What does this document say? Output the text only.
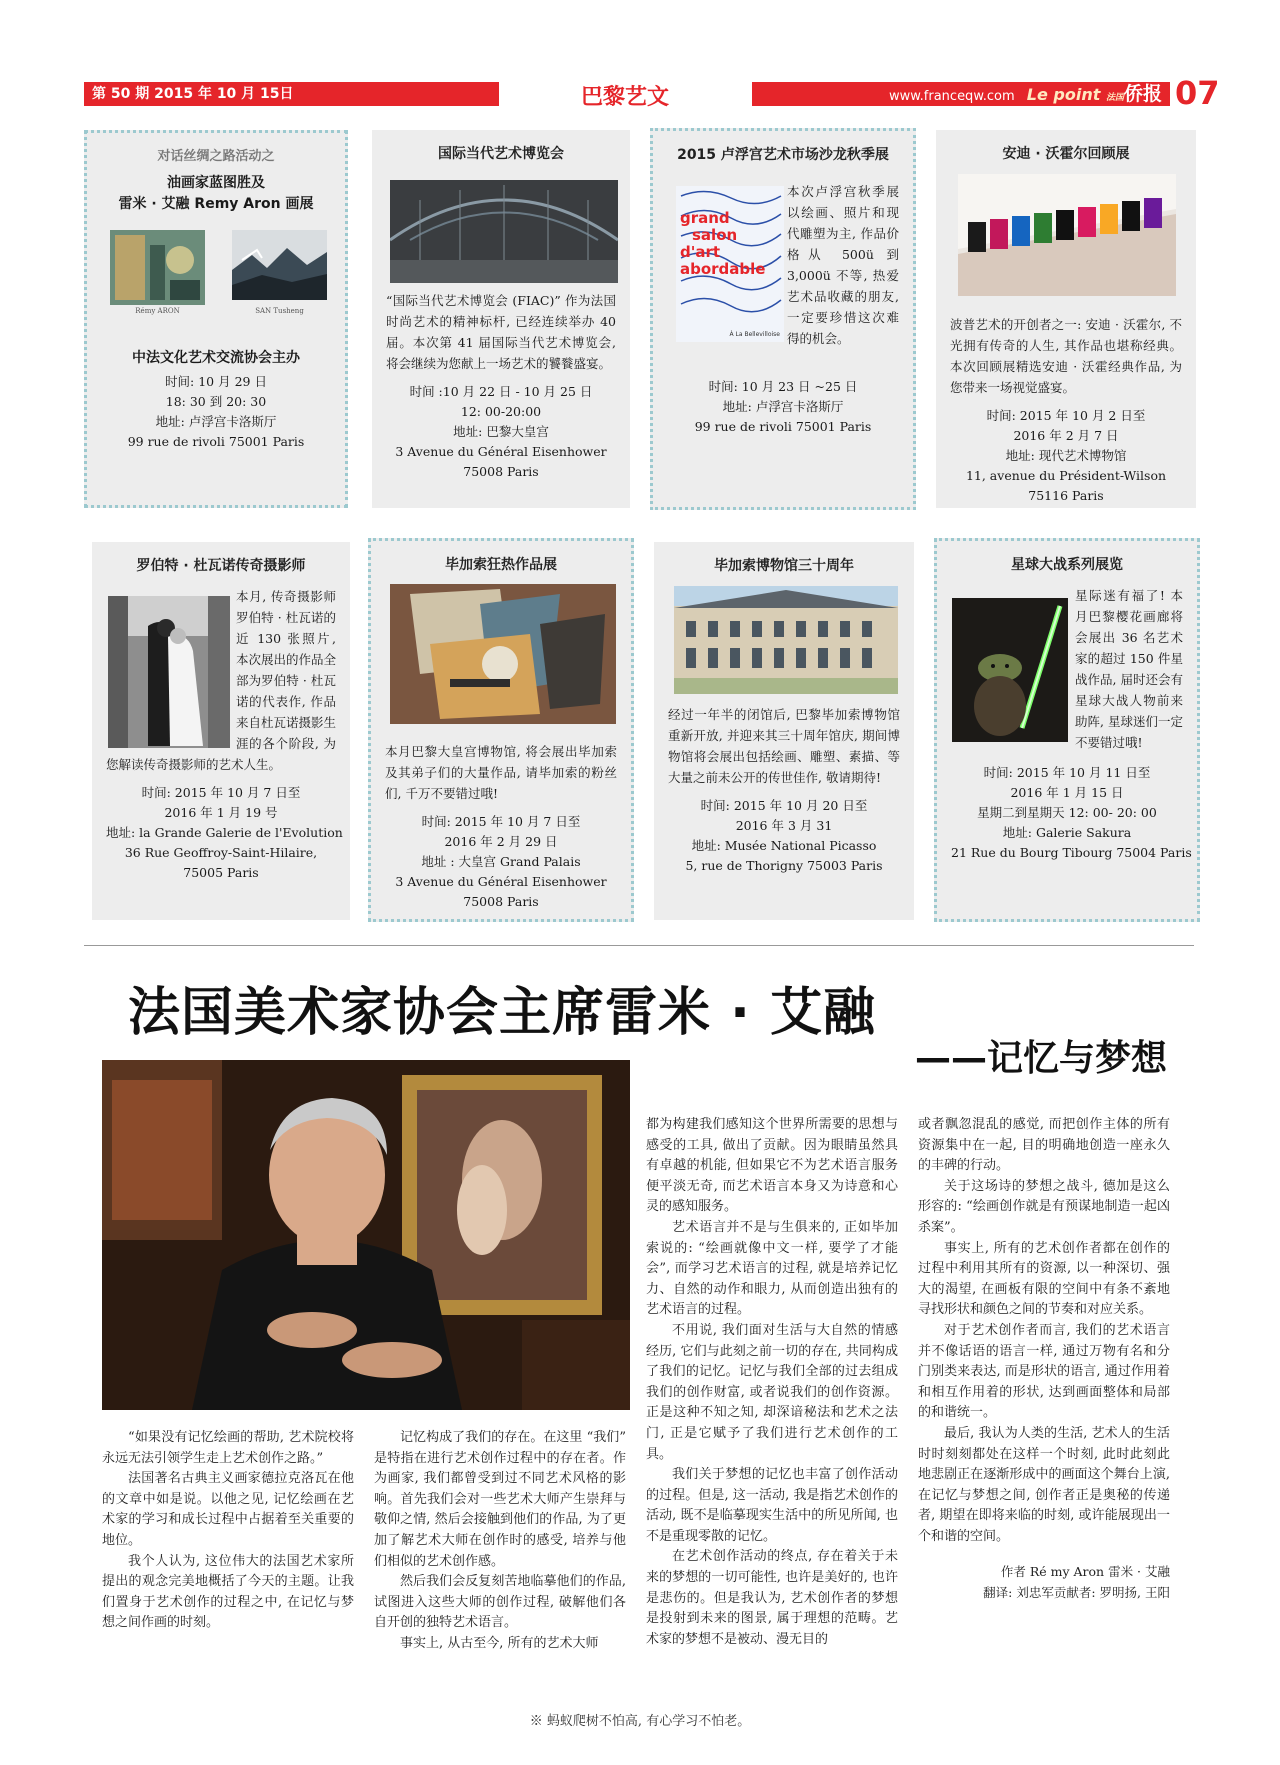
第 50 期 2015 年 10 月 15日	巴黎艺文	www.franceqw.com Le point 法国侨报 07
对话丝绸之路活动之
油画家蓝图胜及
雷米 · 艾融 Remy Aron 画展
中法文化艺术交流协会主办
时间: 10 月 29 日
18: 30 到 20: 30
地址: 卢浮宫卡洛斯厅
99 rue de rivoli 75001 Paris
Rémy ARON	SAN Tusheng
国际当代艺术博览会
“国际当代艺术博览会 (FIAC)” 作为法国时尚艺术的精神标杆, 已经连续举办 40 届。本次第 41 届国际当代艺术博览会, 将会继续为您献上一场艺术的饕餮盛宴。
时间 :10 月 22 日 - 10 月 25 日
12: 00-20:00
地址: 巴黎大皇宫
3 Avenue du Général Eisenhower
75008 Paris
2015 卢浮宫艺术市场沙龙秋季展
本次卢浮宫秋季展以绘画、照片和现代雕塑为主, 作品价格从 500ü 到 3,000ü 不等, 热爱艺术品收藏的朋友, 一定要珍惜这次难得的机会。
时间: 10 月 23 日 ~25 日
地址: 卢浮宫卡洛斯厅
99 rue de rivoli 75001 Paris
grand
salon
d'art
abordable
À La Bellevilloise
安迪 · 沃霍尔回顾展
波普艺术的开创者之一: 安迪 · 沃霍尔, 不光拥有传奇的人生, 其作品也堪称经典。本次回顾展精选安迪 · 沃霍经典作品, 为您带来一场视觉盛宴。
时间: 2015 年 10 月 2 日至
2016 年 2 月 7 日
地址: 现代艺术博物馆
11, avenue du Président-Wilson
75116 Paris
罗伯特 · 杜瓦诺传奇摄影师
本月, 传奇摄影师罗伯特 · 杜瓦诺的近 130 张照片, 本次展出的作品全部为罗伯特 · 杜瓦诺的代表作, 作品来自杜瓦诺摄影生涯的各个阶段, 为您解读传奇摄影师的艺术人生。
时间: 2015 年 10 月 7 日至
2016 年 1 月 19 号
地址: la Grande Galerie de l'Evolution
36 Rue Geoffroy-Saint-Hilaire,
75005 Paris
毕加索狂热作品展
本月巴黎大皇宫博物馆, 将会展出毕加索及其弟子们的大量作品, 请毕加索的粉丝们, 千万不要错过哦!
时间: 2015 年 10 月 7 日至
2016 年 2 月 29 日
地址 : 大皇宫 Grand Palais
3 Avenue du Général Eisenhower
75008 Paris
毕加索博物馆三十周年
经过一年半的闭馆后, 巴黎毕加索博物馆重新开放, 并迎来其三十周年馆庆, 期间博物馆将会展出包括绘画、雕塑、素描、等大量之前未公开的传世佳作, 敬请期待!
时间: 2015 年 10 月 20 日至
2016 年 3 月 31
地址: Musée National Picasso
5, rue de Thorigny 75003 Paris
星球大战系列展览
星际迷有福了! 本月巴黎樱花画廊将会展出 36 名艺术家的超过 150 件星战作品, 届时还会有星球大战人物前来助阵, 星球迷们一定不要错过哦!
时间: 2015 年 10 月 11 日至
2016 年 1 月 15 日
星期二到星期天 12: 00- 20: 00
地址: Galerie Sakura
21 Rue du Bourg Tibourg 75004 Paris
法国美术家协会主席雷米 · 艾融
——记忆与梦想

“如果没有记忆绘画的帮助, 艺术院校将永远无法引领学生走上艺术创作之路。”

法国著名古典主义画家德拉克洛瓦在他的文章中如是说。以他之见, 记忆绘画在艺术家的学习和成长过程中占据着至关重要的地位。

我个人认为, 这位伟大的法国艺术家所提出的观念完美地概括了今天的主题。让我们置身于艺术创作的过程之中, 在记忆与梦想之间作画的时刻。

记忆构成了我们的存在。在这里 “我们” 是特指在进行艺术创作过程中的存在者。作为画家, 我们都曾受到过不同艺术风格的影响。首先我们会对一些艺术大师产生崇拜与敬仰之情, 然后会接触到他们的作品, 为了更加了解艺术大师在创作时的感受, 培养与他们相似的艺术创作感。

然后我们会反复刻苦地临摹他们的作品, 试图进入这些大师的创作过程, 破解他们各自开创的独特艺术语言。

事实上, 从古至今, 所有的艺术大师

都为构建我们感知这个世界所需要的思想与感受的工具, 做出了贡献。因为眼睛虽然具有卓越的机能, 但如果它不为艺术语言服务便平淡无奇, 而艺术语言本身又为诗意和心灵的感知服务。

艺术语言并不是与生俱来的, 正如毕加索说的: “绘画就像中文一样, 要学了才能会”, 而学习艺术语言的过程, 就是培养记忆力、自然的动作和眼力, 从而创造出独有的艺术语言的过程。

不用说, 我们面对生活与大自然的情感经历, 它们与此刻之前一切的存在, 共同构成了我们的记忆。记忆与我们全部的过去组成我们的创作财富, 或者说我们的创作资源。正是这种不知之知, 却深谙秘法和艺术之法门, 正是它赋予了我们进行艺术创作的工具。

我们关于梦想的记忆也丰富了创作活动的过程。但是, 这一活动, 我是指艺术创作的活动, 既不是临摹现实生活中的所见所闻, 也不是重现零散的记忆。

在艺术创作活动的终点, 存在着关于未来的梦想的一切可能性, 也许是美好的, 也许是悲伤的。但是我认为, 艺术创作者的梦想是投射到未来的图景, 属于理想的范畴。艺术家的梦想不是被动、漫无目的

或者飘忽混乱的感觉, 而把创作主体的所有资源集中在一起, 目的明确地创造一座永久的丰碑的行动。

关于这场诗的梦想之战斗, 德加是这么形容的: “绘画创作就是有预谋地制造一起凶杀案”。

事实上, 所有的艺术创作者都在创作的过程中利用其所有的资源, 以一种深切、强大的渴望, 在画板有限的空间中有条不紊地寻找形状和颜色之间的节奏和对应关系。

对于艺术创作者而言, 我们的艺术语言并不像话语的语言一样, 通过万物有名和分门别类来表达, 而是形状的语言, 通过作用着和相互作用着的形状, 达到画面整体和局部的和谐统一。

最后, 我认为人类的生活, 艺术人的生活时时刻刻都处在这样一个时刻, 此时此刻此地悲剧正在逐渐形成中的画面这个舞台上演, 在记忆与梦想之间, 创作者正是奥秘的传递者, 期望在即将来临的时刻, 或许能展现出一个和谐的空间。

作者 Ré my Aron 雷米 · 艾融
翻译: 刘忠军贡献者: 罗明扬, 王阳
※ 蚂蚁爬树不怕高, 有心学习不怕老。
